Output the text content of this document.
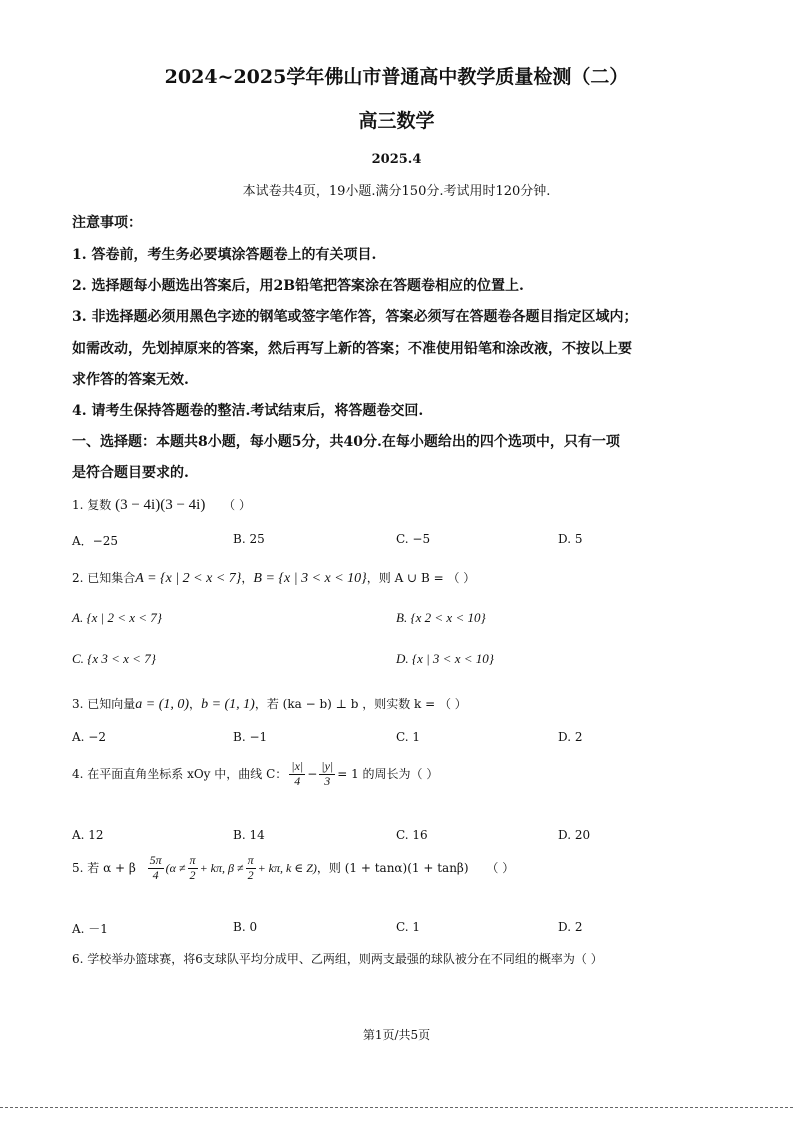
2024~2025学年佛山市普通高中教学质量检测（二）
高三数学
2025.4
本试卷共4页，19小题.满分150分.考试用时120分钟.
注意事项：
1. 答卷前，考生务必要填涂答题卷上的有关项目.
2. 选择题每小题选出答案后，用2B铅笔把答案涂在答题卷相应的位置上.
3. 非选择题必须用黑色字迹的钢笔或签字笔作答，答案必须写在答题卷各题目指定区域内；
如需改动，先划掉原来的答案，然后再写上新的答案；不准使用铅笔和涂改液，不按以上要
求作答的答案无效.
4. 请考生保持答题卷的整洁.考试结束后，将答题卷交回.
一、选择题：本题共8小题，每小题5分，共40分.在每小题给出的四个选项中，只有一项
是符合题目要求的.
1. 复数 (3 − 4i)(3 − 4i) （ ）
A．−25	B. 25	C. −5	D. 5
2. 已知集合A = {x | 2 < x < 7}，B = {x | 3 < x < 10}，则 A ∪ B = （ ）
A. {x | 2 < x < 7}	B. {x 2 < x < 10}
C. {x 3 < x < 7}	D. {x | 3 < x < 10}
3. 已知向量a = (1, 0)，b = (1, 1)，若 (ka − b) ⊥ b ，则实数 k = （ ）
A. −2	B. −1	C. 1	D. 2
4. 在平面直角坐标系 xOy 中，曲线 C： $\frac{|x|}{4} - \frac{|y|}{3} = 1$ 的周长为（ ）
A. 12	B. 14	C. 16	D. 20
5. 若 α + β $\frac{5\pi}{4} (\alpha \ne \frac{\pi}{2} + k\pi$, $\beta \ne \frac{\pi}{2} + k\pi$, k ∈ Z)，则 (1 + tanα)(1 + tanβ) （ ）
A. －1	B. 0	C. 1	D. 2
6. 学校举办篮球赛，将6支球队平均分成甲、乙两组，则两支最强的球队被分在不同组的概率为（ ）
第1页/共5页
